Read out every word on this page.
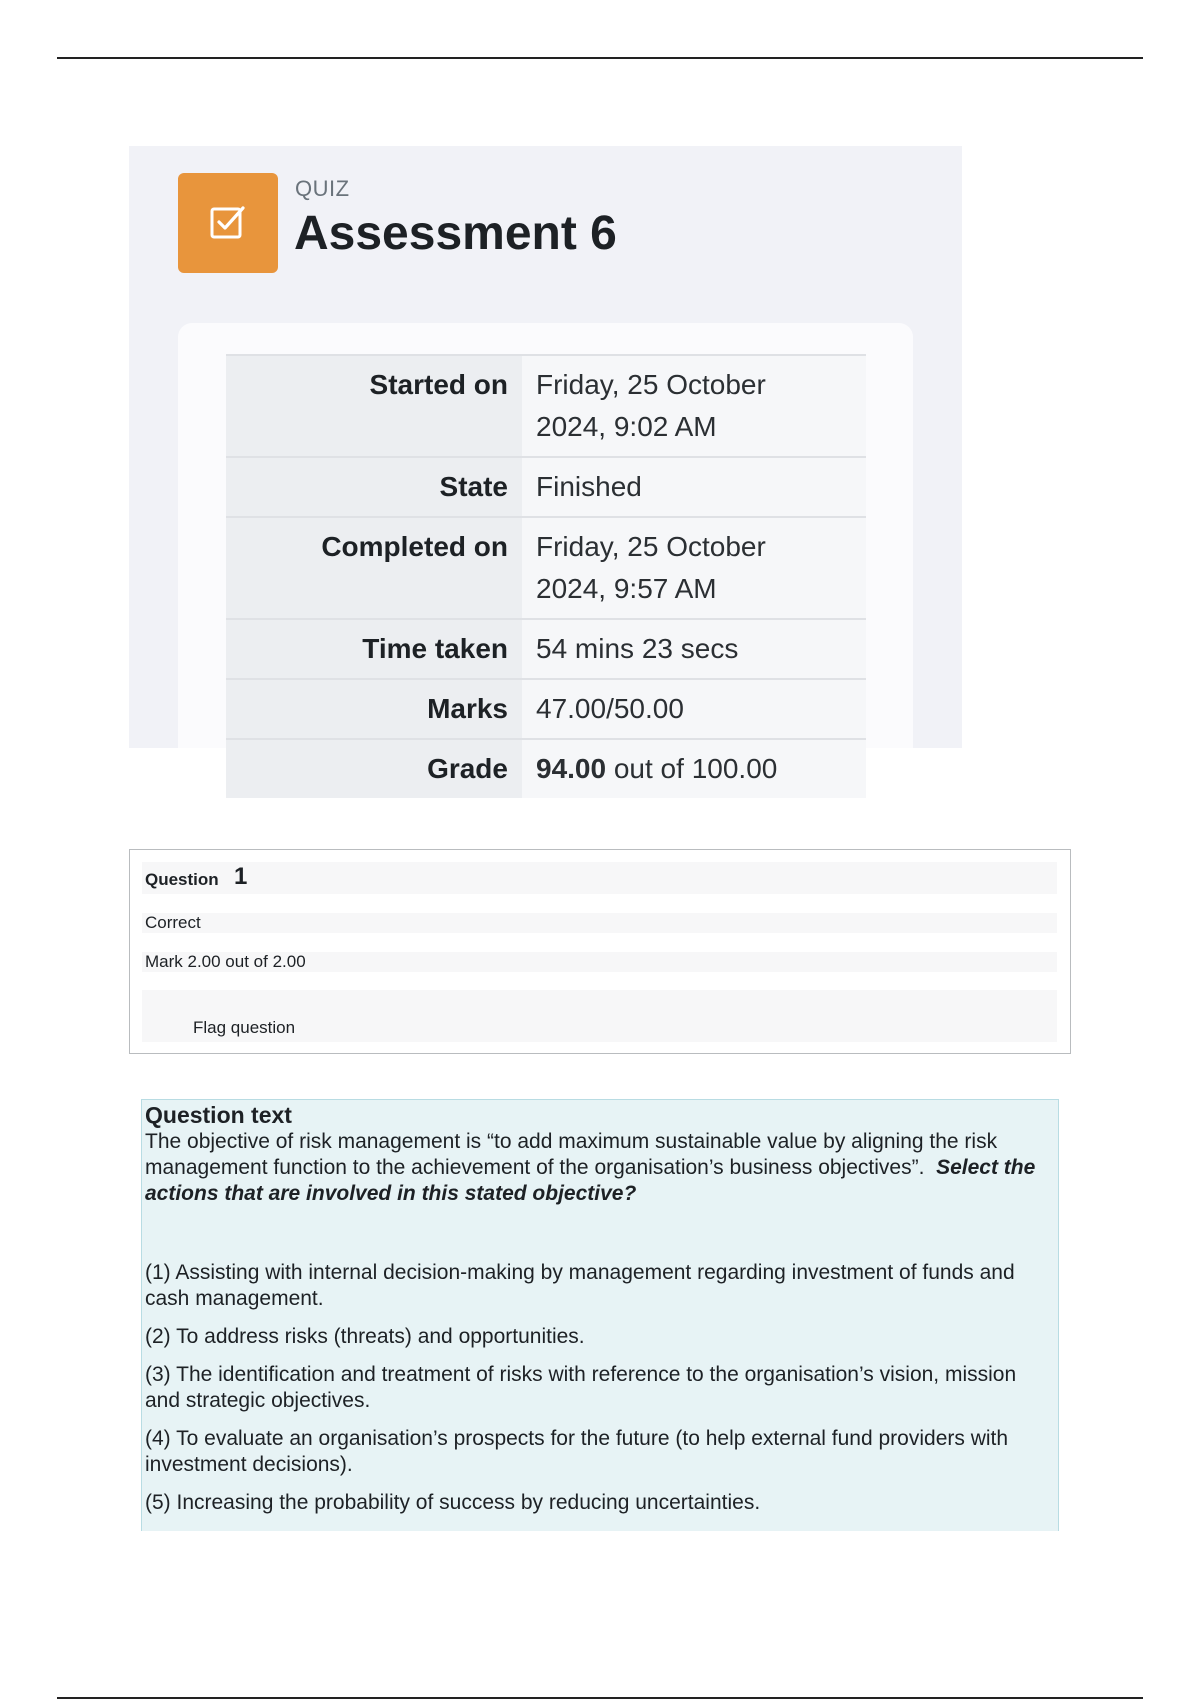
QUIZ
Assessment 6
Started on	Friday, 25 October
2024, 9:02 AM

State	Finished
Completed on	Friday, 25 October
2024, 9:57 AM

Time taken	54 mins 23 secs
Marks	47.00/50.00
Grade	94.00 out of 100.00
Question 1
Correct
Mark 2.00 out of 2.00
Flag question
Question text
The objective of risk management is “to add maximum sustainable value by aligning the risk management function to the achievement of the organisation’s business objectives”. Select the actions that are involved in this stated objective?
(1) Assisting with internal decision-making by management regarding investment of funds and cash management.
(2) To address risks (threats) and opportunities.
(3) The identification and treatment of risks with reference to the organisation’s vision, mission and strategic objectives.
(4) To evaluate an organisation’s prospects for the future (to help external fund providers with investment decisions).
(5) Increasing the probability of success by reducing uncertainties.
